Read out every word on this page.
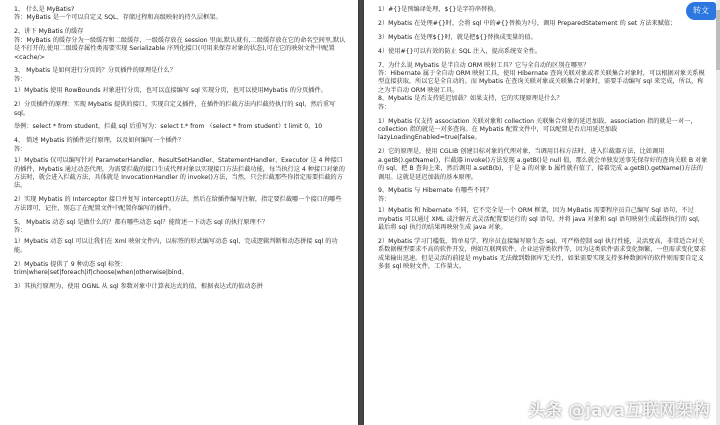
1、 什么是 MyBatis?
答：MyBatis 是一个可以自定义 SQL、存储过程和高级映射的持久层框架。

2、讲下 MyBatis 的缓存
答：MyBatis 的缓存分为一级缓存和二级缓存，一级缓存放在 session 里面,默认就有,二级缓存放在它的命名空间里,默认是不打开的,使用二级缓存属性类需要实现 Serializable 序列化接口(可用来保存对象的状态),可在它的映射文件中配置<cache/>

3、 Mybatis 是如何进行分页的？分页插件的原理是什么？
答：

1）Mybatis 使用 RowBounds 对象进行分页，也可以直接编写 sql 实现分页，也可以使用Mybatis 的分页插件。

2）分页插件的原理：实现 Mybatis 提供的接口，实现自定义插件，在插件的拦截方法内拦截待执行的 sql，然后重写 sql。

举例：select * from student，拦截 sql 后重写为：select t.* from （select * from student）t limit 0，10

4、 简述 Mybatis 的插件运行原理，以及如何编写一个插件？
答：

1）Mybatis 仅可以编写针对 ParameterHandler、ResultSetHandler、StatementHandler、Executor 这 4 种接口的插件，Mybatis 通过动态代理，为需要拦截的接口生成代理对象以实现接口方法拦截功能，每当执行这 4 种接口对象的方法时，就会进入拦截方法，具体就是 InvocationHandler 的 invoke()方法，当然，只会拦截那些你指定需要拦截的方法。

2）实现 Mybatis 的 Interceptor 接口并复写 intercept()方法，然后在给插件编写注解，指定要拦截哪一个接口的哪些方法即可，记住，别忘了在配置文件中配置你编写的插件。

5、 Mybatis 动态 sql 是做什么的？都有哪些动态 sql？能简述一下动态 sql 的执行原理不？
答：

1）Mybatis 动态 sql 可以让我们在 Xml 映射文件内，以标签的形式编写动态 sql，完成逻辑判断和动态拼接 sql 的功能。

2）Mybatis 提供了 9 种动态 sql 标签：
trim|where|set|foreach|if|choose|when|otherwise|bind。

3）其执行原理为，使用 OGNL 从 sql 参数对象中计算表达式的值，根据表达式的值动态拼

1）#{}是预编译处理，${}是字符串替换。

2）Mybatis 在处理#{}时，会将 sql 中的#{}替换为?号，调用 PreparedStatement 的 set 方法来赋值；

3）Mybatis 在处理${}时，就是把${}替换成变量的值。

4）使用#{}可以有效的防止 SQL 注入，提高系统安全性。

7、为什么说 Mybatis 是半自动 ORM 映射工具？它与全自动的区别在哪里？
答：Hibernate 属于全自动 ORM 映射工具，使用 Hibernate 查询关联对象或者关联集合对象时，可以根据对象关系模型直接获取，所以它是全自动的。而 Mybatis 在查询关联对象或关联集合对象时，需要手动编写 sql 来完成，所以，称之为半自动 ORM 映射工具。
8、Mybatis 是否支持延迟加载？如果支持，它的实现原理是什么？
答：

1）Mybatis 仅支持 association 关联对象和 collection 关联集合对象的延迟加载，association 指的就是一对一，collection 指的就是一对多查询。在 Mybatis 配置文件中，可以配置是否启用延迟加载 lazyLoadingEnabled=true|false。

2）它的原理是，使用 CGLIB 创建目标对象的代理对象，当调用目标方法时，进入拦截器方法，比如调用 a.getB().getName()，拦截器 invoke()方法发现 a.getB()是 null 值，那么就会单独发送事先保存好的查询关联 B 对象的 sql，把 B 查询上来，然后调用 a.setB(b)，于是 a 的对象 b 属性就有值了，接着完成 a.getB().getName()方法的调用。这就是延迟加载的基本原理。

9、Mybatis 与 Hibernate 有哪些不同？
答：

1）Mybatis 和 hibernate 不同，它不完全是一个 ORM 框架，因为 MyBatis 需要程序员自己编写 Sql 语句，不过 mybatis 可以通过 XML 或注解方式灵活配置要运行的 sql 语句，并将 java 对象和 sql 语句映射生成最终执行的 sql，最后将 sql 执行的结果再映射生成 java 对象。

2）Mybatis 学习门槛低，简单易学，程序员直接编写原生态 sql，可严格控制 sql 执行性能，灵活度高，非常适合对关系数据模型要求不高的软件开发，例如互联网软件、企业运营类软件等，因为这类软件需求变化频繁，一但需求变化要求成果输出迅速。但是灵活的前提是 mybatis 无法做到数据库无关性，如果需要实现支持多种数据库的软件则需要自定义多套 sql 映射文件，工作量大。

转文
头条 @java互联网架构
